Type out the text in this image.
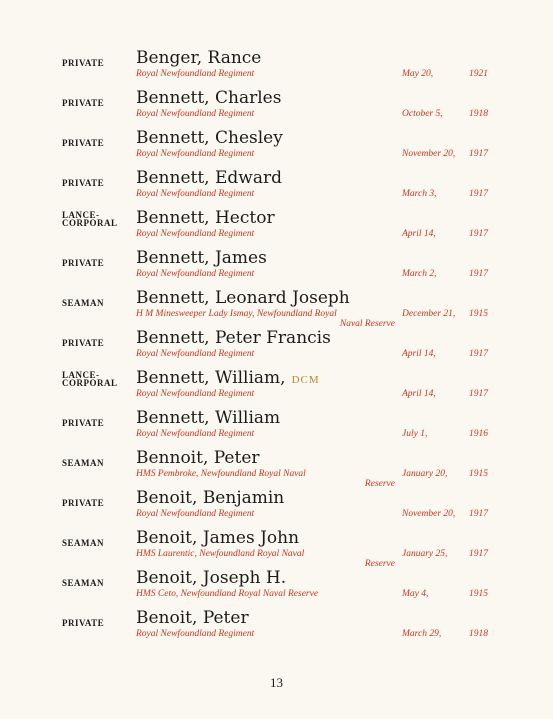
PRIVATE	Benger, Rance
Royal Newfoundland Regiment	May 20,	1921
PRIVATE	Bennett, Charles
Royal Newfoundland Regiment	October 5,	1918
PRIVATE	Bennett, Chesley
Royal Newfoundland Regiment	November 20, 1917
PRIVATE	Bennett, Edward
Royal Newfoundland Regiment	March 3,	1917
LANCE-
CORPORAL	Bennett, Hector
Royal Newfoundland Regiment	April 14,	1917
PRIVATE	Bennett, James
Royal Newfoundland Regiment	March 2,	1917
SEAMAN	Bennett, Leonard Joseph
H M Minesweeper Lady Ismay, Newfoundland Royal
Naval Reserve
December 21, 1915
PRIVATE	Bennett, Peter Francis
Royal Newfoundland Regiment	April 14,	1917
LANCE-
CORPORAL	Bennett, William, DCM
Royal Newfoundland Regiment	April 14,	1917
PRIVATE	Bennett, William
Royal Newfoundland Regiment	July 1,	1916
SEAMAN	Bennoit, Peter
HMS Pembroke, Newfoundland Royal Naval
Reserve
January 20, 1915
PRIVATE	Benoit, Benjamin
Royal Newfoundland Regiment	November 20, 1917
SEAMAN	Benoit, James John
HMS Laurentic, Newfoundland Royal Naval
Reserve
January 25, 1917
SEAMAN	Benoit, Joseph H.
HMS Ceto, Newfoundland Royal Naval Reserve	May 4,	1915
PRIVATE	Benoit, Peter
Royal Newfoundland Regiment	March 29,	1918
13
